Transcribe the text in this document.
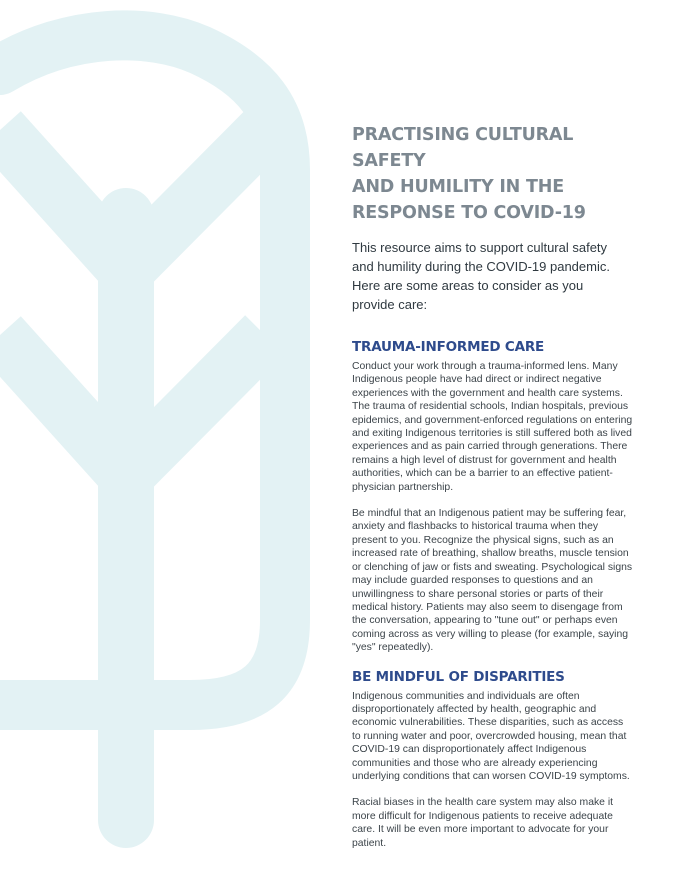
PRACTISING CULTURAL SAFETY
AND HUMILITY IN THE
RESPONSE TO COVID-19

This resource aims to support cultural safety and humility during the COVID-19 pandemic. Here are some areas to consider as you provide care:

TRAUMA-INFORMED CARE

Conduct your work through a trauma-informed lens. Many Indigenous people have had direct or indirect negative experiences with the government and health care systems. The trauma of residential schools, Indian hospitals, previous epidemics, and government-enforced regulations on entering and exiting Indigenous territories is still suffered both as lived experiences and as pain carried through generations. There remains a high level of distrust for government and health authorities, which can be a barrier to an effective patient-physician partnership.

Be mindful that an Indigenous patient may be suffering fear, anxiety and flashbacks to historical trauma when they present to you. Recognize the physical signs, such as an increased rate of breathing, shallow breaths, muscle tension or clenching of jaw or fists and sweating. Psychological signs may include guarded responses to questions and an unwillingness to share personal stories or parts of their medical history. Patients may also seem to disengage from the conversation, appearing to "tune out" or perhaps even coming across as very willing to please (for example, saying "yes" repeatedly).

BE MINDFUL OF DISPARITIES

Indigenous communities and individuals are often disproportionately affected by health, geographic and economic vulnerabilities. These disparities, such as access to running water and poor, overcrowded housing, mean that COVID-19 can disproportionately affect Indigenous communities and those who are already experiencing underlying conditions that can worsen COVID-19 symptoms.

Racial biases in the health care system may also make it more difficult for Indigenous patients to receive adequate care. It will be even more important to advocate for your patient.
